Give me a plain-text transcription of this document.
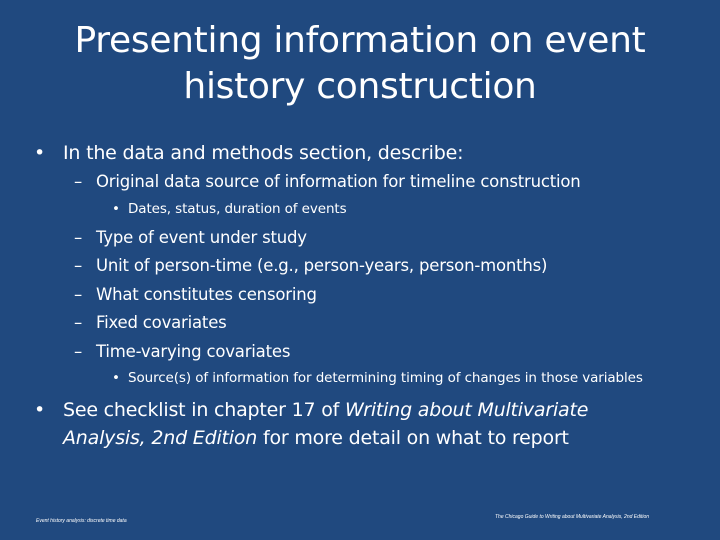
Presenting information on event
history construction
• In the data and methods section, describe:
– Original data source of information for timeline construction
• Dates, status, duration of events
– Type of event under study
– Unit of person-time (e.g., person-years, person-months)
– What constitutes censoring
– Fixed covariates
– Time-varying covariates
• Source(s) of information for determining timing of changes in those variables
• See checklist in chapter 17 of Writing about Multivariate
Analysis, 2nd Edition for more detail on what to report
Event history analysis: discrete time data
The Chicago Guide to Writing about Multivariate Analysis, 2nd Edition
